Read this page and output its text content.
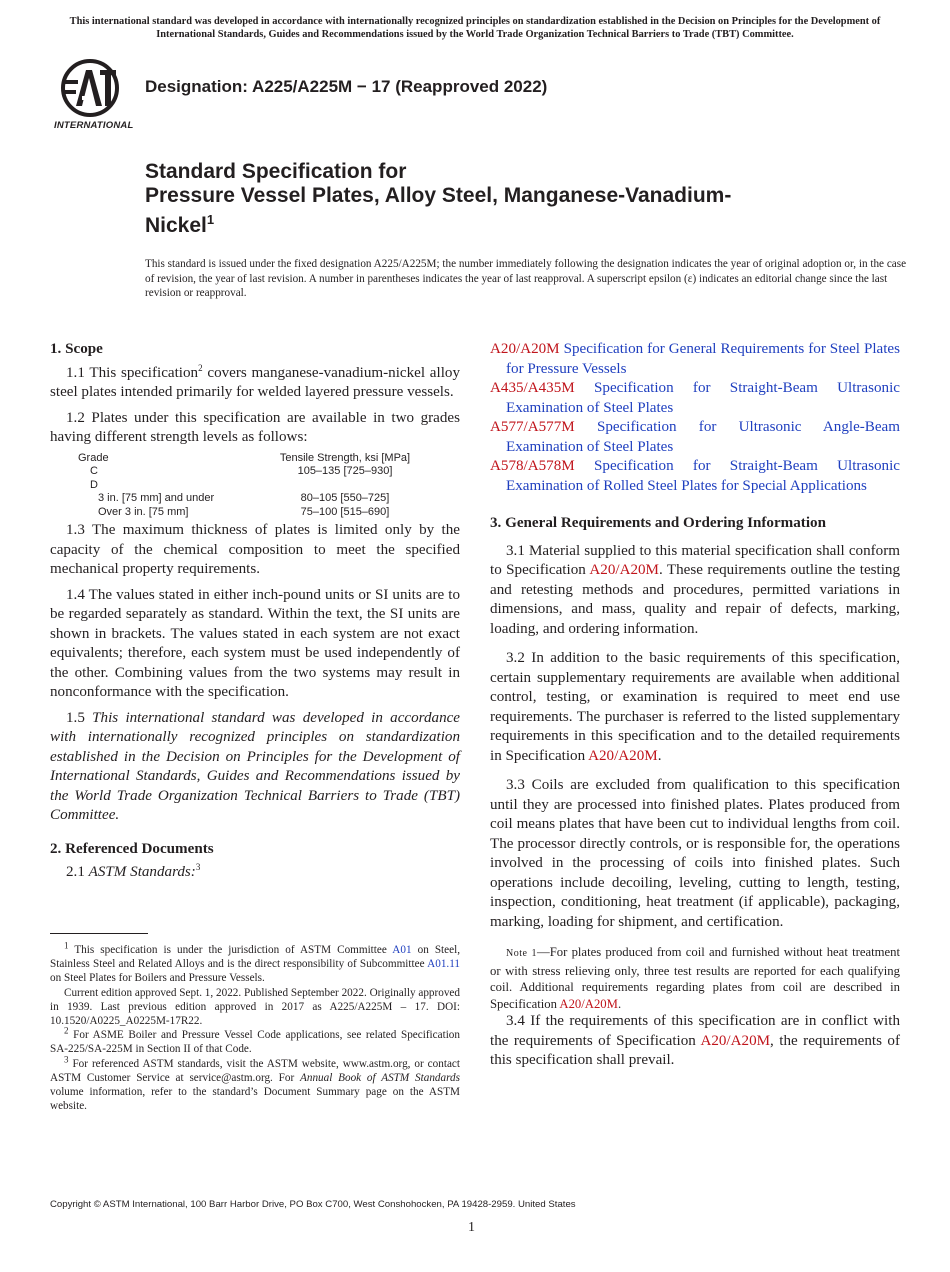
This international standard was developed in accordance with internationally recognized principles on standardization established in the Decision on Principles for the Development of International Standards, Guides and Recommendations issued by the World Trade Organization Technical Barriers to Trade (TBT) Committee.
INTERNATIONAL
Designation: A225/A225M − 17 (Reapproved 2022)
Standard Specification for
Pressure Vessel Plates, Alloy Steel, Manganese-Vanadium-
Nickel$^1$
This standard is issued under the fixed designation A225/A225M; the number immediately following the designation indicates the year of original adoption or, in the case of revision, the year of last revision. A number in parentheses indicates the year of last reapproval. A superscript epsilon (ε) indicates an editorial change since the last revision or reapproval.
1. Scope

1.1 This specification$^2$ covers manganese-vanadium-nickel alloy steel plates intended primarily for welded layered pressure vessels.

1.2 Plates under this specification are available in two grades having different strength levels as follows:

Grade	Tensile Strength, ksi [MPa]
C	105–135 [725–930]
D	
3 in. [75 mm] and under	80–105 [550–725]
Over 3 in. [75 mm]	75–100 [515–690]

1.3 The maximum thickness of plates is limited only by the capacity of the chemical composition to meet the specified mechanical property requirements.

1.4 The values stated in either inch-pound units or SI units are to be regarded separately as standard. Within the text, the SI units are shown in brackets. The values stated in each system are not exact equivalents; therefore, each system must be used independently of the other. Combining values from the two systems may result in nonconformance with the specification.

1.5 This international standard was developed in accordance with internationally recognized principles on standardization established in the Decision on Principles for the Development of International Standards, Guides and Recommendations issued by the World Trade Organization Technical Barriers to Trade (TBT) Committee.

2. Referenced Documents

2.1 ASTM Standards:$^3$

$^1$ This specification is under the jurisdiction of ASTM Committee A01 on Steel, Stainless Steel and Related Alloys and is the direct responsibility of Subcommittee A01.11 on Steel Plates for Boilers and Pressure Vessels.

Current edition approved Sept. 1, 2022. Published September 2022. Originally approved in 1939. Last previous edition approved in 2017 as A225/A225M – 17. DOI: 10.1520/A0225_A0225M-17R22.

$^2$ For ASME Boiler and Pressure Vessel Code applications, see related Specification SA-225/SA-225M in Section II of that Code.

$^3$ For referenced ASTM standards, visit the ASTM website, www.astm.org, or contact ASTM Customer Service at service@astm.org. For Annual Book of ASTM Standards volume information, refer to the standard’s Document Summary page on the ASTM website.

A20/A20M Specification for General Requirements for Steel Plates for Pressure Vessels
A435/A435M Specification for Straight-Beam Ultrasonic Examination of Steel Plates
A577/A577M Specification for Ultrasonic Angle-Beam Examination of Steel Plates
A578/A578M Specification for Straight-Beam Ultrasonic Examination of Rolled Steel Plates for Special Applications
3. General Requirements and Ordering Information

3.1 Material supplied to this material specification shall conform to Specification A20/A20M. These requirements outline the testing and retesting methods and procedures, permitted variations in dimensions, and mass, quality and repair of defects, marking, loading, and ordering information.

3.2 In addition to the basic requirements of this specification, certain supplementary requirements are available when additional control, testing, or examination is required to meet end use requirements. The purchaser is referred to the listed supplementary requirements in this specification and to the detailed requirements in Specification A20/A20M.

3.3 Coils are excluded from qualification to this specification until they are processed into finished plates. Plates produced from coil means plates that have been cut to individual lengths from coil. The processor directly controls, or is responsible for, the operations involved in the processing of coils into finished plates. Such operations include decoiling, leveling, cutting to length, testing, inspection, conditioning, heat treatment (if applicable), packaging, marking, loading for shipment, and certification.

Note 1—For plates produced from coil and furnished without heat treatment or with stress relieving only, three test results are reported for each qualifying coil. Additional requirements regarding plates from coil are described in Specification A20/A20M.

3.4 If the requirements of this specification are in conflict with the requirements of Specification A20/A20M, the requirements of this specification shall prevail.

Copyright © ASTM International, 100 Barr Harbor Drive, PO Box C700, West Conshohocken, PA 19428-2959. United States
1
